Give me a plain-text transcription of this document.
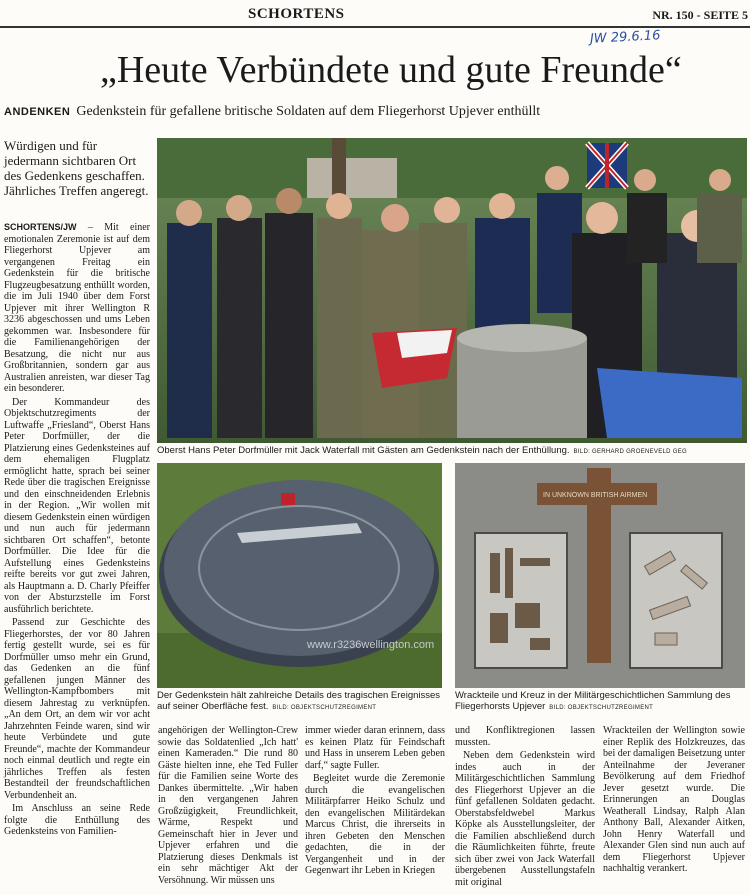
SCHORTENS	NR. 150 - SEITE 5
JW 29.6.16
„Heute Verbündete und gute Freunde“
ANDENKEN Gedenkstein für gefallene britische Soldaten auf dem Fliegerhorst Upjever enthüllt
Würdigen und für jedermann sichtbaren Ort des Gedenkens geschaffen. Jährliches Treffen angeregt.

SCHORTENS/JW – Mit einer emotionalen Zeremonie ist auf dem Fliegerhorst Upjever am vergangenen Freitag ein Gedenkstein für die britische Flugzeugbesatzung enthüllt worden, die im Juli 1940 über dem Forst Upjever mit ihrer Wellington R 3236 abgeschossen und ums Leben gekommen war. Insbesondere für die Familienangehörigen der Besatzung, die nicht nur aus Großbritannien, sondern gar aus Australien anreisten, war dieser Tag ein besonderer.

Der Kommandeur des Objektschutzregiments der Luftwaffe „Friesland“, Oberst Hans Peter Dorfmüller, der die Platzierung eines Gedenksteines auf dem ehemaligen Flugplatz ermöglicht hatte, sprach bei seiner Rede über die tragischen Ereignisse und den einschneidenden Erlebnis in der Region. „Wir wollen mit diesem Gedenkstein einen würdigen und nun auch für jedermann sichtbaren Ort schaffen“, betonte Dorfmüller. Die Idee für die Aufstellung eines Gedenksteins reifte bereits vor gut zwei Jahren, als Hauptmann a. D. Charly Pfeiffer von der Absturzstelle im Forst ausführlich berichtete.

Passend zur Geschichte des Fliegerhorstes, der vor 80 Jahren fertig gestellt wurde, sei es für Dorfmüller umso mehr ein Grund, das Gedenken an die fünf gefallenen jungen Männer des Wellington-Kampfbombers mit diesem Jahrestag zu verknüpfen. „An dem Ort, an dem wir vor acht Jahrzehnten Feinde waren, sind wir heute Verbündete und gute Freunde“, machte der Kommandeur noch einmal deutlich und regte ein jährliches Treffen als festen Bestandteil der freundschaftlichen Verbundenheit an.

Im Anschluss an seine Rede folgte die Enthüllung des Gedenksteins von Familien-

Oberst Hans Peter Dorfmüller mit Jack Waterfall mit Gästen am Gedenkstein nach der Enthüllung. BILD: GERHARD GROENEVELD GEG
www.r3236wellington.com
Der Gedenkstein hält zahlreiche Details des tragischen Ereignisses auf seiner Oberfläche fest. BILD: OBJEKTSCHUTZREGIMENT
IN UNKNOWN BRITISH AIRMEN
Wrackteile und Kreuz in der Militärgeschichtlichen Sammlung des Fliegerhorsts Upjever BILD: OBJEKTSCHUTZREGIMENT

angehörigen der Wellington-Crew sowie das Soldatenlied „Ich hatt' einen Kameraden.“ Die rund 80 Gäste hielten inne, ehe Ted Fuller für die Familien seine Worte des Dankes übermittelte. „Wir haben in den vergangenen Jahren Großzügigkeit, Freundlichkeit, Wärme, Respekt und Gemeinschaft hier in Jever und Upjever erfahren und die Platzierung dieses Denkmals ist ein sehr mächtiger Akt der Versöhnung. Wir müssen uns

immer wieder daran erinnern, dass es keinen Platz für Feindschaft und Hass in unserem Leben geben darf,“ sagte Fuller.

Begleitet wurde die Zeremonie durch die evangelischen Militärpfarrer Heiko Schulz und den evangelischen Militärdekan Marcus Christ, die ihrerseits in ihren Gebeten den Menschen gedachten, die in der Vergangenheit und in der Gegenwart ihr Leben in Kriegen

und Konfliktregionen lassen mussten.

Neben dem Gedenkstein wird indes auch in der Militärgeschichtlichen Sammlung des Fliegerhorst Upjever an die fünf gefallenen Soldaten gedacht. Oberstabsfeldwebel Markus Köpke als Ausstellungsleiter, der die Familien abschließend durch die Räumlichkeiten führte, freute sich über zwei von Jack Waterfall übergebenen Ausstellungstafeln mit original

Wrackteilen der Wellington sowie einer Replik des Holzkreuzes, das bei der damaligen Beisetzung unter Anteilnahme der Jeveraner Bevölkerung auf dem Friedhof Jever gesetzt wurde. Die Erinnerungen an Douglas Weatherall Lindsay, Ralph Alan Anthony Ball, Alexander Aitken, John Henry Waterfall und Alexander Glen sind nun auch auf dem Fliegerhorst Upjever nachhaltig verankert.
